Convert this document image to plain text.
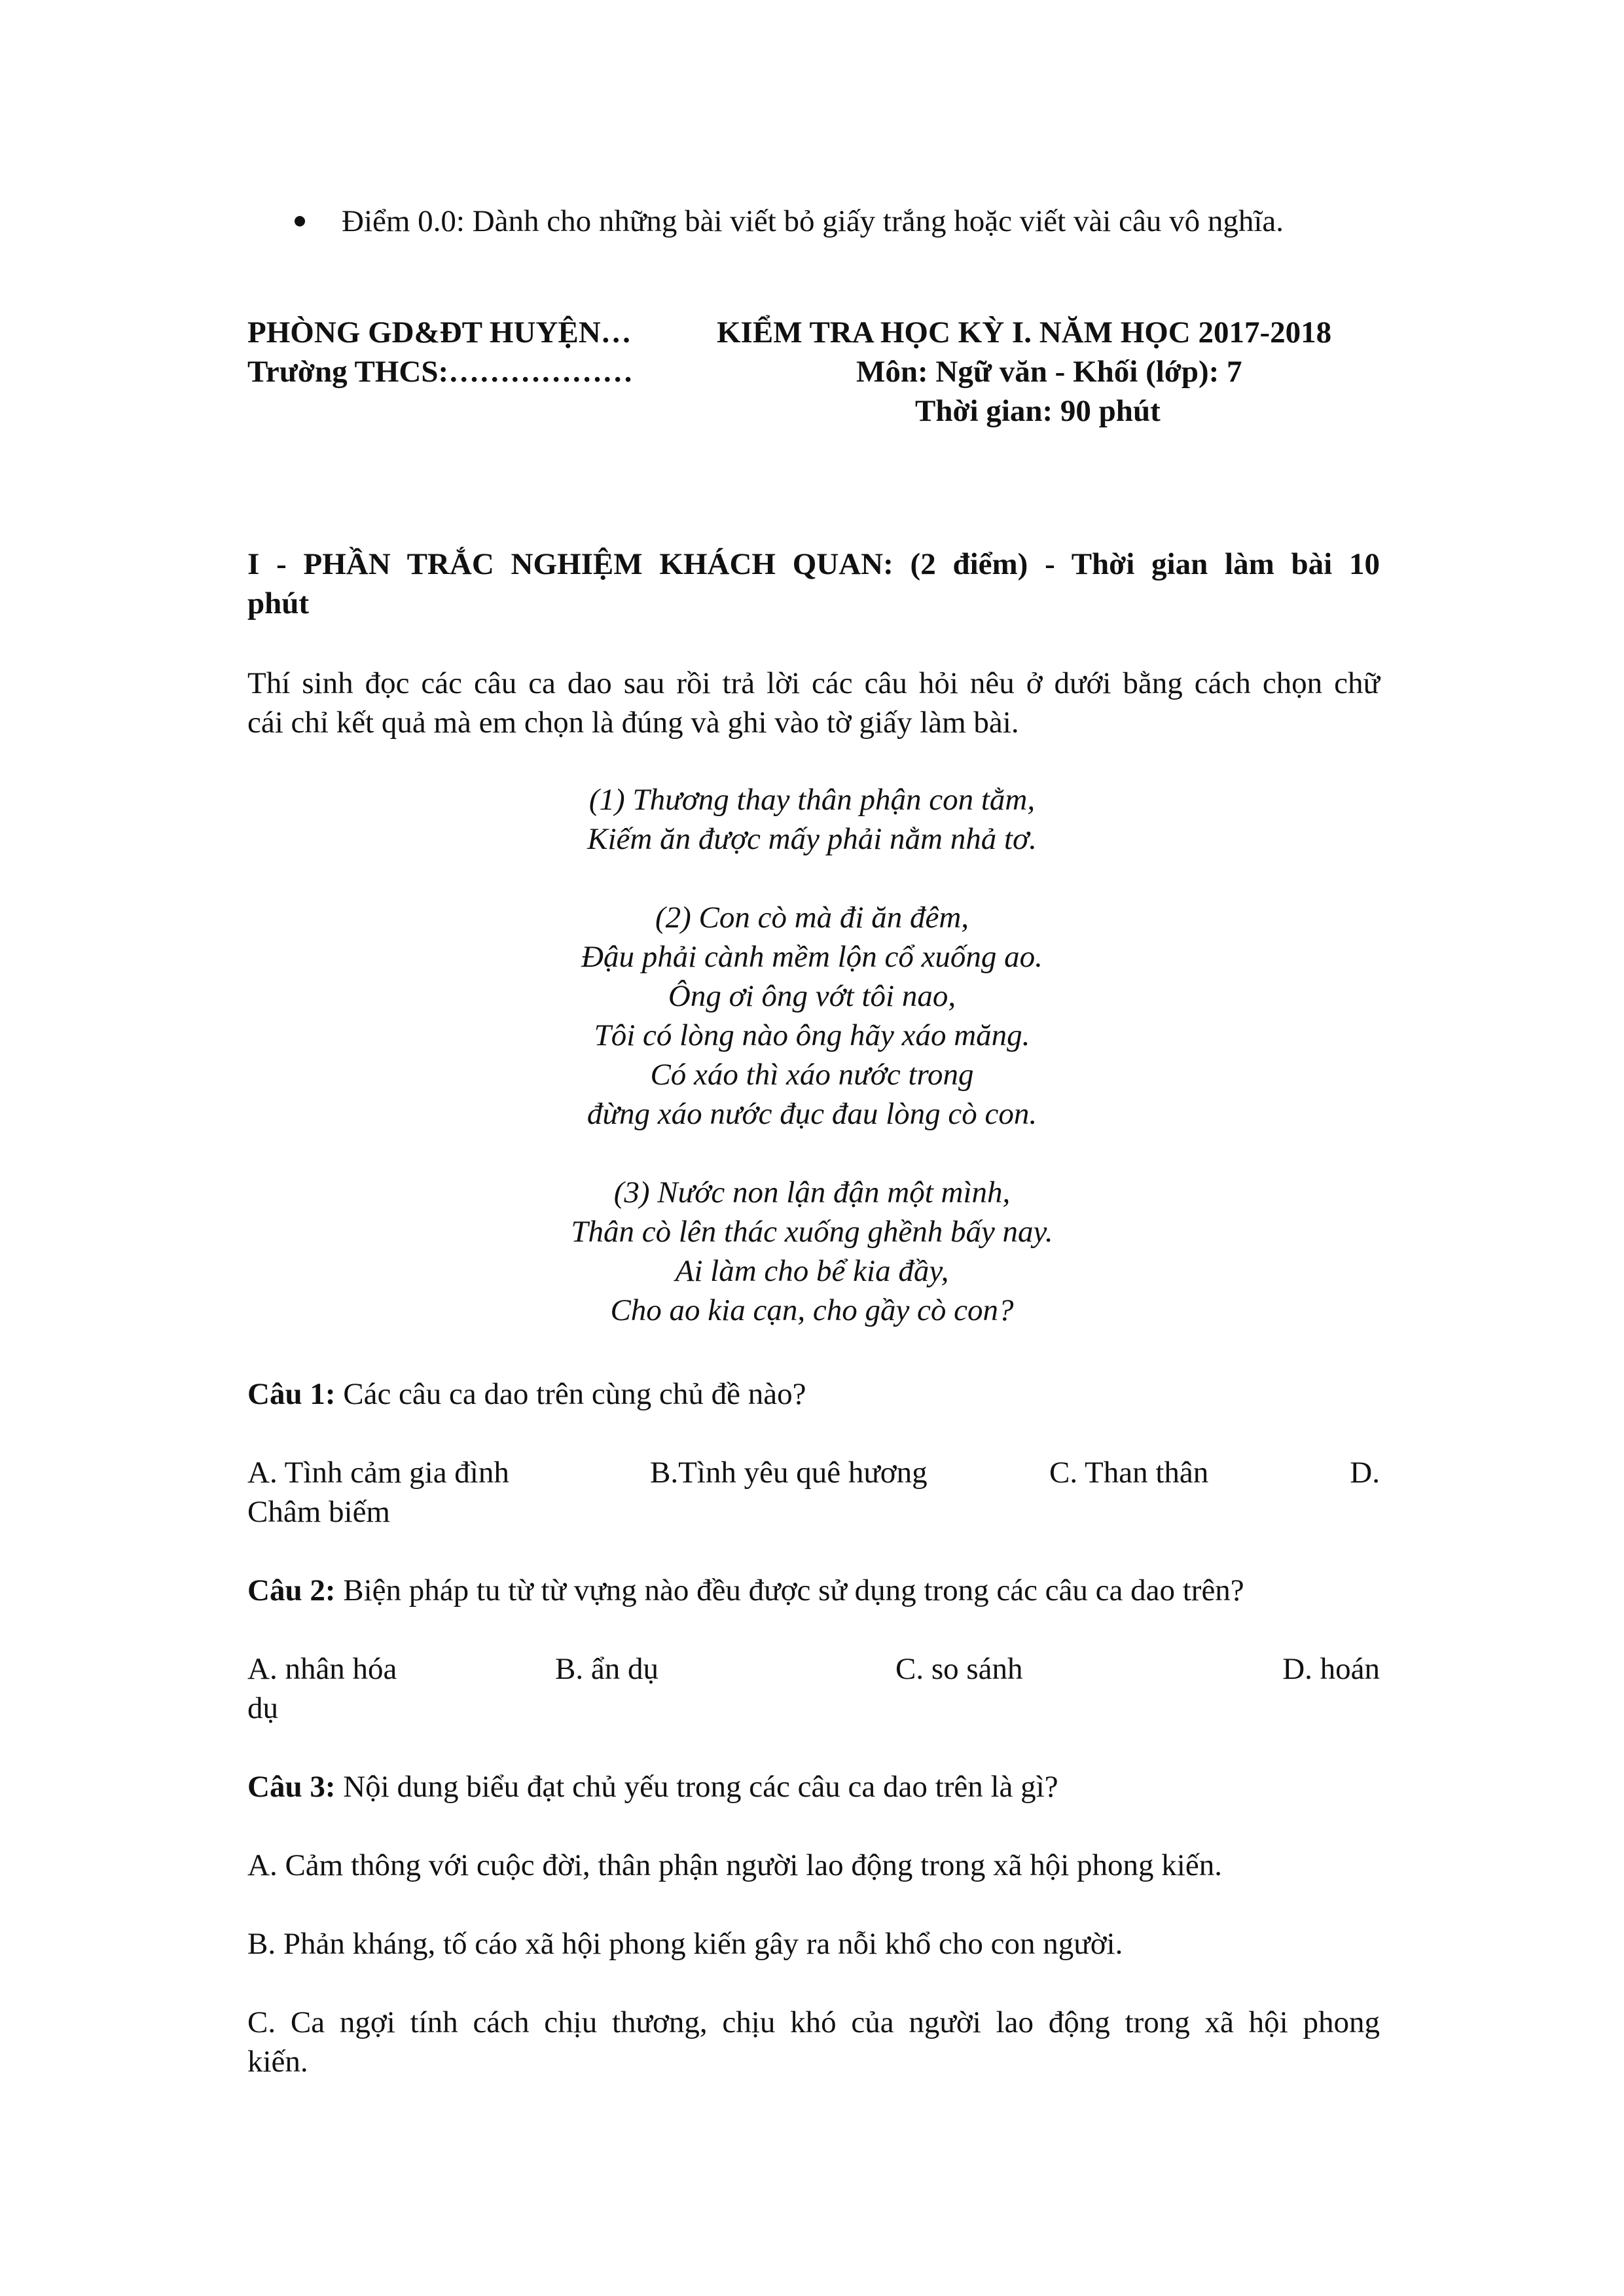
Điểm 0.0: Dành cho những bài viết bỏ giấy trắng hoặc viết vài câu vô nghĩa.
PHÒNG GD&ĐT HUYỆN…
Trường THCS:………………
KIỂM TRA HỌC KỲ I. NĂM HỌC 2017-2018
Môn: Ngữ văn - Khối (lớp): 7
Thời gian: 90 phút
I - PHẦN TRẮC NGHIỆM KHÁCH QUAN: (2 điểm) - Thời gian làm bài 10
phút
Thí sinh đọc các câu ca dao sau rồi trả lời các câu hỏi nêu ở dưới bằng cách chọn chữ
cái chỉ kết quả mà em chọn là đúng và ghi vào tờ giấy làm bài.
(1) Thương thay thân phận con tằm,
Kiếm ăn được mấy phải nằm nhả tơ.
(2) Con cò mà đi ăn đêm,
Đậu phải cành mềm lộn cổ xuống ao.
Ông ơi ông vớt tôi nao,
Tôi có lòng nào ông hãy xáo măng.
Có xáo thì xáo nước trong
đừng xáo nước đục đau lòng cò con.
(3) Nước non lận đận một mình,
Thân cò lên thác xuống ghềnh bấy nay.
Ai làm cho bể kia đầy,
Cho ao kia cạn, cho gầy cò con?
Câu 1: Các câu ca dao trên cùng chủ đề nào?
A. Tình cảm gia đình	B.Tình yêu quê hương	C. Than thân	D.
Châm biếm
Câu 2: Biện pháp tu từ từ vựng nào đều được sử dụng trong các câu ca dao trên?
A. nhân hóa	B. ẩn dụ	C. so sánh	D. hoán
dụ
Câu 3: Nội dung biểu đạt chủ yếu trong các câu ca dao trên là gì?
A. Cảm thông với cuộc đời, thân phận người lao động trong xã hội phong kiến.
B. Phản kháng, tố cáo xã hội phong kiến gây ra nỗi khổ cho con người.
C. Ca ngợi tính cách chịu thương, chịu khó của người lao động trong xã hội phong
kiến.
